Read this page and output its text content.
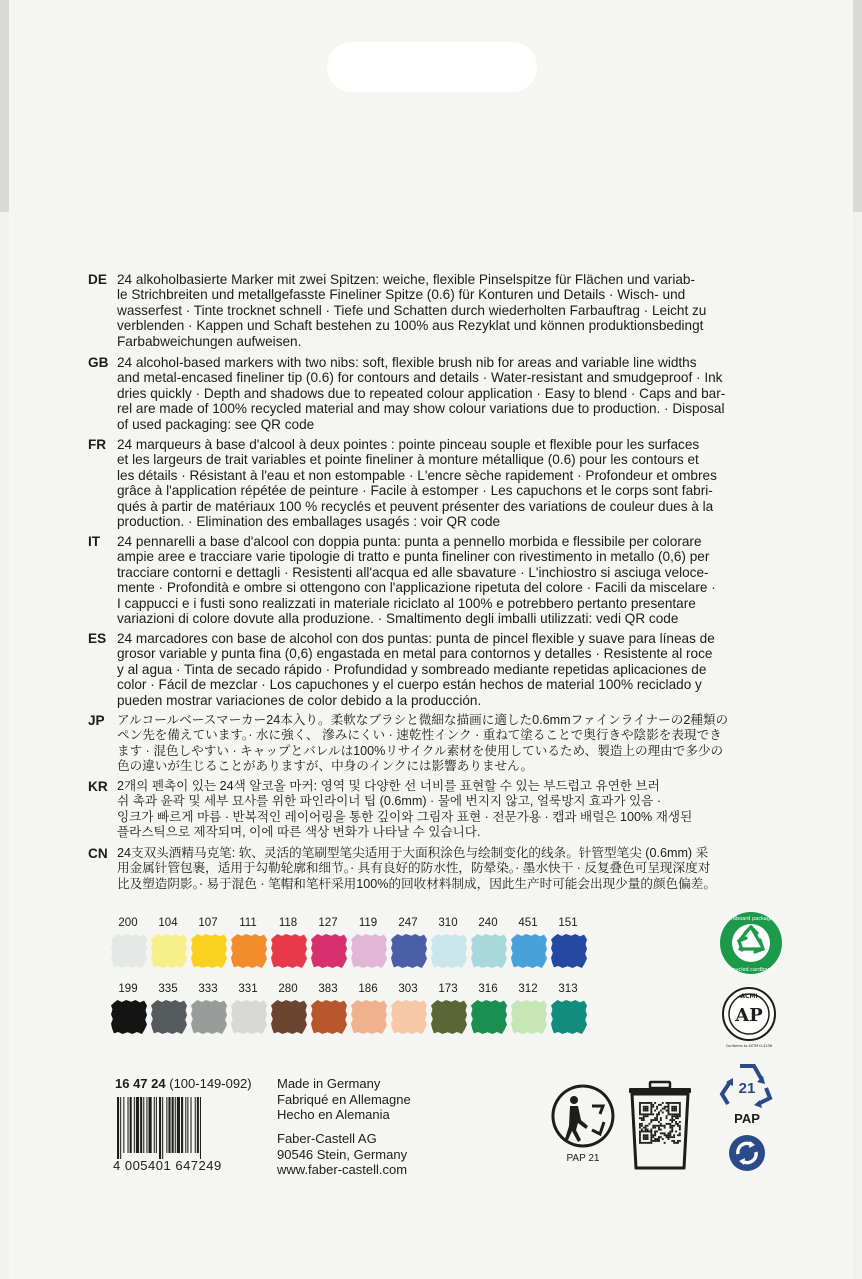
DE 24 alkoholbasierte Marker mit zwei Spitzen: weiche, flexible Pinselspitze für Flächen und variab-
le Strichbreiten und metallgefasste Fineliner Spitze (0.6) für Konturen und Details · Wisch- und
wasserfest · Tinte trocknet schnell · Tiefe und Schatten durch wiederholten Farbauftrag · Leicht zu
verblenden · Kappen und Schaft bestehen zu 100% aus Rezyklat und können produktionsbedingt
Farbabweichungen aufweisen.
GB 24 alcohol-based markers with two nibs: soft, flexible brush nib for areas and variable line widths
and metal-encased fineliner tip (0.6) for contours and details · Water-resistant and smudgeproof · Ink
dries quickly · Depth and shadows due to repeated colour application · Easy to blend · Caps and bar-
rel are made of 100% recycled material and may show colour variations due to production. · Disposal
of used packaging: see QR code
FR 24 marqueurs à base d'alcool à deux pointes : pointe pinceau souple et flexible pour les surfaces
et les largeurs de trait variables et pointe fineliner à monture métallique (0.6) pour les contours et
les détails · Résistant à l'eau et non estompable · L'encre sèche rapidement · Profondeur et ombres
grâce à l'application répétée de peinture · Facile à estomper · Les capuchons et le corps sont fabri-
qués à partir de matériaux 100 % recyclés et peuvent présenter des variations de couleur dues à la
production. · Elimination des emballages usagés : voir QR code
IT	24 pennarelli a base d'alcool con doppia punta: punta a pennello morbida e flessibile per colorare
ampie aree e tracciare varie tipologie di tratto e punta fineliner con rivestimento in metallo (0,6) per
tracciare contorni e dettagli · Resistenti all'acqua ed alle sbavature · L'inchiostro si asciuga veloce-
mente · Profondità e ombre si ottengono con l'applicazione ripetuta del colore · Facili da miscelare ·
I cappucci e i fusti sono realizzati in materiale riciclato al 100% e potrebbero pertanto presentare
variazioni di colore dovute alla produzione. · Smaltimento degli imballi utilizzati: vedi QR code
ES 24 marcadores con base de alcohol con dos puntas: punta de pincel flexible y suave para líneas de
grosor variable y punta fina (0,6) engastada en metal para contornos y detalles · Resistente al roce
y al agua · Tinta de secado rápido · Profundidad y sombreado mediante repetidas aplicaciones de
color · Fácil de mezclar · Los capuchones y el cuerpo están hechos de material 100% reciclado y
pueden mostrar variaciones de color debido a la producción.
JP アルコールベースマーカー24本入り。柔軟なブラシと微細な描画に適した0.6mmファインライナーの2種類の
ペン先を備えています。· 水に強く、 滲みにくい · 速乾性インク · 重ねて塗ることで奥行きや陰影を表現でき
ます · 混色しやすい · キャップとバレルは100%リサイクル素材を使用しているため、製造上の理由で多少の
色の違いが生じることがありますが、中身のインクには影響ありません。
KR 2개의 펜촉이 있는 24색 알코올 마커: 영역 및 다양한 선 너비를 표현할 수 있는 부드럽고 유연한 브러
쉬 촉과 윤곽 및 세부 묘사를 위한 파인라이너 팁 (0.6mm) · 물에 번지지 않고, 얼룩방지 효과가 있음 ·
잉크가 빠르게 마름 · 반복적인 레이어링을 통한 깊이와 그림자 표현 · 전문가용 · 캡과 배럴은 100% 재생된
플라스틱으로 제작되며, 이에 따른 색상 변화가 나타날 수 있습니다.
CN 24支双头酒精马克笔: 软、灵活的笔刷型笔尖适用于大面积涂色与绘制变化的线条。针管型笔尖 (0.6mm) 采
用金属针管包裹，适用于勾勒轮廓和细节。· 具有良好的防水性，防晕染。· 墨水快干 · 反复叠色可呈现深度对
比及塑造阴影。· 易于混色 · 笔帽和笔杆采用100%的回收材料制成，因此生产时可能会出现少量的颜色偏差。
200	104	107	111	118	127	119	247	310	240	451	151
199	335	333	331	280	383	186	303	173	316	312	313
Cardboard packaging
Recycled cardboard
ACMI
AP
Conforms to ASTM D-4236
16 47 24 (100-149-092)
4 005401 647249
Made in Germany
Fabriqué en Allemagne
Hecho en Alemania
Faber-Castell AG
90546 Stein, Germany
www.faber-castell.com
PAP 21
21
PAP
